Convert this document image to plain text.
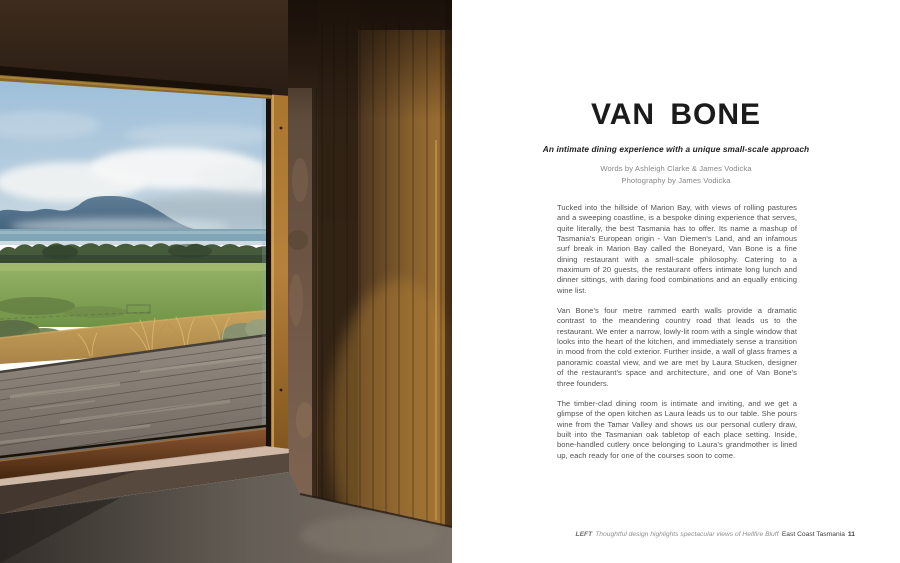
VAN BONE

An intimate dining experience with a unique small-scale approach

Words by Ashleigh Clarke & James Vodicka

Photography by James Vodicka

Tucked into the hillside of Marion Bay, with views of rolling pastures and a sweeping coastline, is a bespoke dining experience that serves, quite literally, the best Tasmania has to offer. Its name a mashup of Tasmania's European origin - Van Diemen's Land, and an infamous surf break in Marion Bay called the Boneyard, Van Bone is a fine dining restaurant with a small-scale philosophy. Catering to a maximum of 20 guests, the restaurant offers intimate long lunch and dinner sittings, with daring food combinations and an equally enticing wine list.

Van Bone's four metre rammed earth walls provide a dramatic contrast to the meandering country road that leads us to the restaurant. We enter a narrow, lowly-lit room with a single window that looks into the heart of the kitchen, and immediately sense a transition in mood from the cold exterior. Further inside, a wall of glass frames a panoramic coastal view, and we are met by Laura Stucken, designer of the restaurant's space and architecture, and one of Van Bone's three founders.

The timber-clad dining room is intimate and inviting, and we get a glimpse of the open kitchen as Laura leads us to our table. She pours wine from the Tamar Valley and shows us our personal cutlery draw, built into the Tasmanian oak tabletop of each place setting. Inside, bone-handled cutlery once belonging to Laura's grandmother is lined up, each ready for one of the courses soon to come.

LEFT Thoughtful design highlights spectacular views of Hellfire Bluff East Coast Tasmania 11
